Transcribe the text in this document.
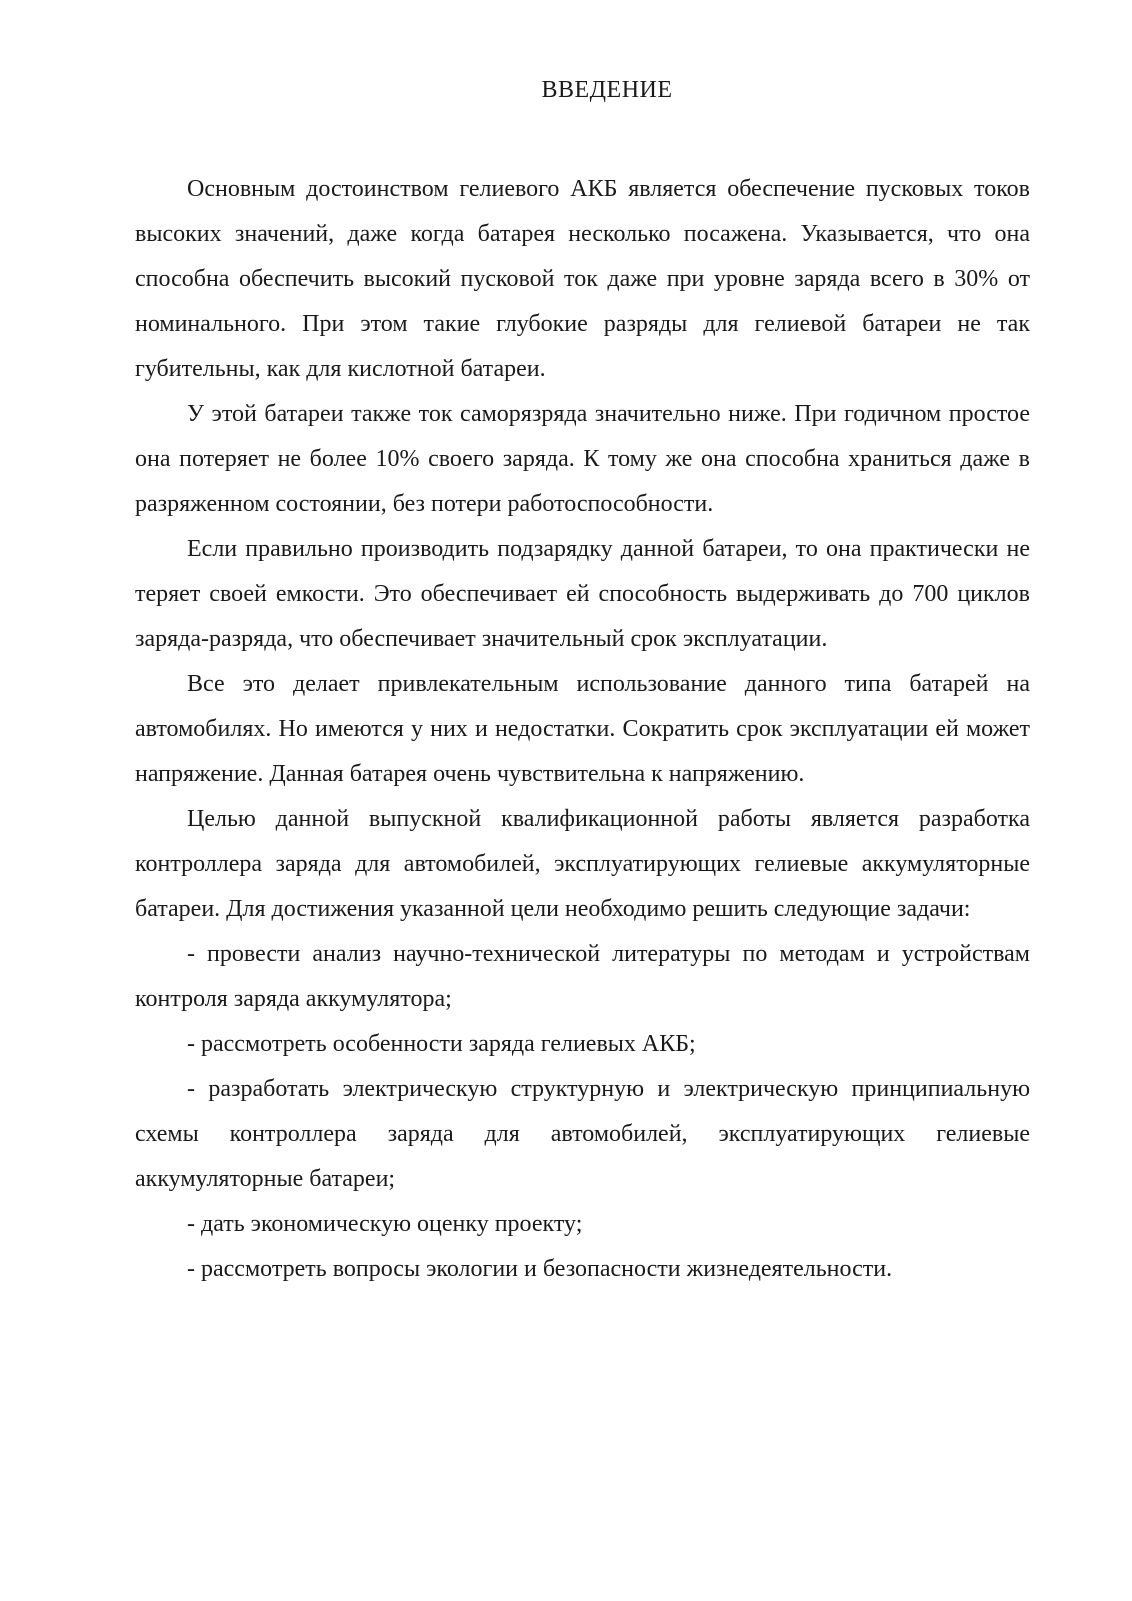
ВВЕДЕНИЕ

Основным достоинством гелиевого АКБ является обеспечение пусковых токов высоких значений, даже когда батарея несколько посажена. Указывается, что она способна обеспечить высокий пусковой ток даже при уровне заряда всего в 30% от номинального. При этом такие глубокие разряды для гелиевой батареи не так губительны, как для кислотной батареи.

У этой батареи также ток саморязряда значительно ниже. При годичном простое она потеряет не более 10% своего заряда. К тому же она способна храниться даже в разряженном состоянии, без потери работоспособности.

Если правильно производить подзарядку данной батареи, то она практически не теряет своей емкости. Это обеспечивает ей способность выдерживать до 700 циклов заряда-разряда, что обеспечивает значительный срок эксплуатации.

Все это делает привлекательным использование данного типа батарей на автомобилях. Но имеются у них и недостатки. Сократить срок эксплуатации ей может напряжение. Данная батарея очень чувствительна к напряжению.

Целью данной выпускной квалификационной работы является разработка контроллера заряда для автомобилей, эксплуатирующих гелиевые аккумуляторные батареи. Для достижения указанной цели необходимо решить следующие задачи:

- провести анализ научно-технической литературы по методам и устройствам контроля заряда аккумулятора;

- рассмотреть особенности заряда гелиевых АКБ;

- разработать электрическую структурную и электрическую принципиальную схемы контроллера заряда для автомобилей, эксплуатирующих гелиевые аккумуляторные батареи;

- дать экономическую оценку проекту;

- рассмотреть вопросы экологии и безопасности жизнедеятельности.
